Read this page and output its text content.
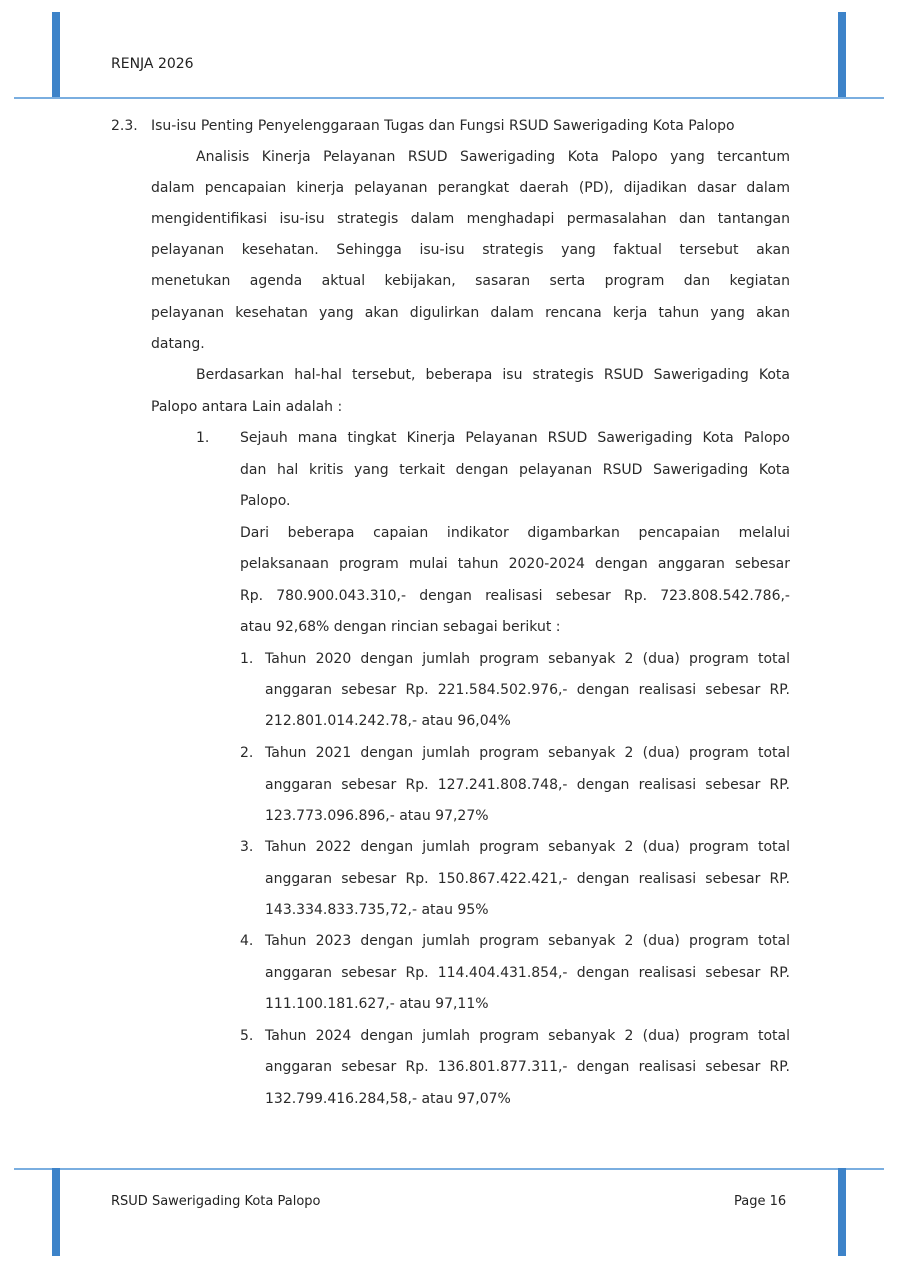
RENJA 2026
2.3. Isu-isu Penting Penyelenggaraan Tugas dan Fungsi RSUD Sawerigading Kota Palopo
Analisis Kinerja Pelayanan RSUD Sawerigading Kota Palopo yang tercantum
dalam pencapaian kinerja pelayanan perangkat daerah (PD), dijadikan dasar dalam
mengidentifikasi isu-isu strategis dalam menghadapi permasalahan dan tantangan
pelayanan kesehatan. Sehingga isu-isu strategis yang faktual tersebut akan
menetukan agenda aktual kebijakan, sasaran serta program dan kegiatan
pelayanan kesehatan yang akan digulirkan dalam rencana kerja tahun yang akan
datang.
Berdasarkan hal-hal tersebut, beberapa isu strategis RSUD Sawerigading Kota
Palopo antara Lain adalah :
1. Sejauh mana tingkat Kinerja Pelayanan RSUD Sawerigading Kota Palopo
dan hal kritis yang terkait dengan pelayanan RSUD Sawerigading Kota
Palopo.
Dari beberapa capaian indikator digambarkan pencapaian melalui
pelaksanaan program mulai tahun 2020-2024 dengan anggaran sebesar
Rp. 780.900.043.310,- dengan realisasi sebesar Rp. 723.808.542.786,-
atau 92,68% dengan rincian sebagai berikut :
1. Tahun 2020 dengan jumlah program sebanyak 2 (dua) program total
anggaran sebesar Rp. 221.584.502.976,- dengan realisasi sebesar RP.
212.801.014.242.78,- atau 96,04%
2. Tahun 2021 dengan jumlah program sebanyak 2 (dua) program total
anggaran sebesar Rp. 127.241.808.748,- dengan realisasi sebesar RP.
123.773.096.896,- atau 97,27%
3. Tahun 2022 dengan jumlah program sebanyak 2 (dua) program total
anggaran sebesar Rp. 150.867.422.421,- dengan realisasi sebesar RP.
143.334.833.735,72,- atau 95%
4. Tahun 2023 dengan jumlah program sebanyak 2 (dua) program total
anggaran sebesar Rp. 114.404.431.854,- dengan realisasi sebesar RP.
111.100.181.627,- atau 97,11%
5. Tahun 2024 dengan jumlah program sebanyak 2 (dua) program total
anggaran sebesar Rp. 136.801.877.311,- dengan realisasi sebesar RP.
132.799.416.284,58,- atau 97,07%
RSUD Sawerigading Kota Palopo	Page 16
